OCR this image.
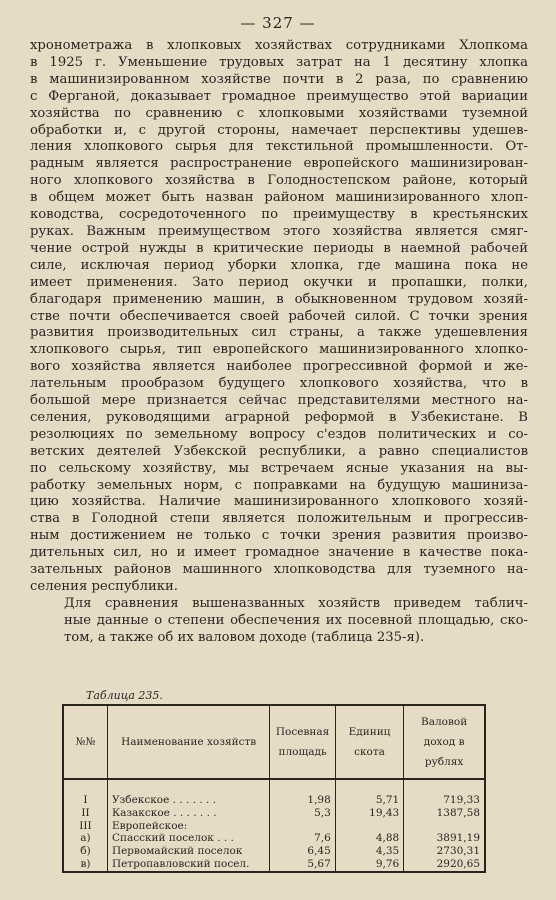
— 327 —

хронометража в хлопковых хозяйствах сотрудниками Хлопкома
в 1925 г. Уменьшение трудовых затрат на 1 десятину хлопка
в машинизированном хозяйстве почти в 2 раза, по сравнению
с Ферганой, доказывает громадное преимущество этой вариации
хозяйства по сравнению с хлопковыми хозяйствами туземной
обработки и, с другой стороны, намечает перспективы удешев-
ления хлопкового сырья для текстильной промышленности. От-
радным является распространение европейского машинизирован-
ного хлопкового хозяйства в Голодностепском районе, который
в общем может быть назван районом машинизированного хлоп-
ководства, сосредоточенного по преимуществу в крестьянских
руках. Важным преимуществом этого хозяйства является смяг-
чение острой нужды в критические периоды в наемной рабочей
силе, исключая период уборки хлопка, где машина пока не
имеет применения. Зато период окучки и пропашки, полки,
благодаря применению машин, в обыкновенном трудовом хозяй-
стве почти обеспечивается своей рабочей силой. С точки зрения
развития производительных сил страны, а также удешевления
хлопкового сырья, тип европейского машинизированного хлопко-
вого хозяйства является наиболее прогрессивной формой и же-
лательным прообразом будущего хлопкового хозяйства, что в
большой мере признается сейчас представителями местного на-
селения, руководящими аграрной реформой в Узбекистане. В
резолюциях по земельному вопросу с'ездов политических и со-
ветских деятелей Узбекской республики, а равно специалистов
по сельскому хозяйству, мы встречаем ясные указания на вы-
работку земельных норм, с поправками на будущую машиниза-
цию хозяйства. Наличие машинизированного хлопкового хозяй-
ства в Голодной степи является положительным и прогрессив-
ным достижением не только с точки зрения развития произво-
дительных сил, но и имеет громадное значение в качестве пока-
зательных районов машинного хлопководства для туземного на-
селения республики.

Для сравнения вышеназванных хозяйств приведем таблич-
ные данные о степени обеспечения их посевной площадью, ско-
том, а также об их валовом доходе (таблица 235-я).

Таблица 235.
№№	Наименование хозяйств	Посевная площадь	Единиц скота	Валовой доход в рублях
I	Узбекское . . . . . . .	1,98	5,71	719,33
II	Казакское . . . . . . .	5,3	19,43	1387,58
III	Европейское:			
а)	Спасский поселок . . .	7,6	4,88	3891,19
б)	Первомайский поселок	6,45	4,35	2730,31
в)	Петропавловский посел.	5,67	9,76	2920,65
